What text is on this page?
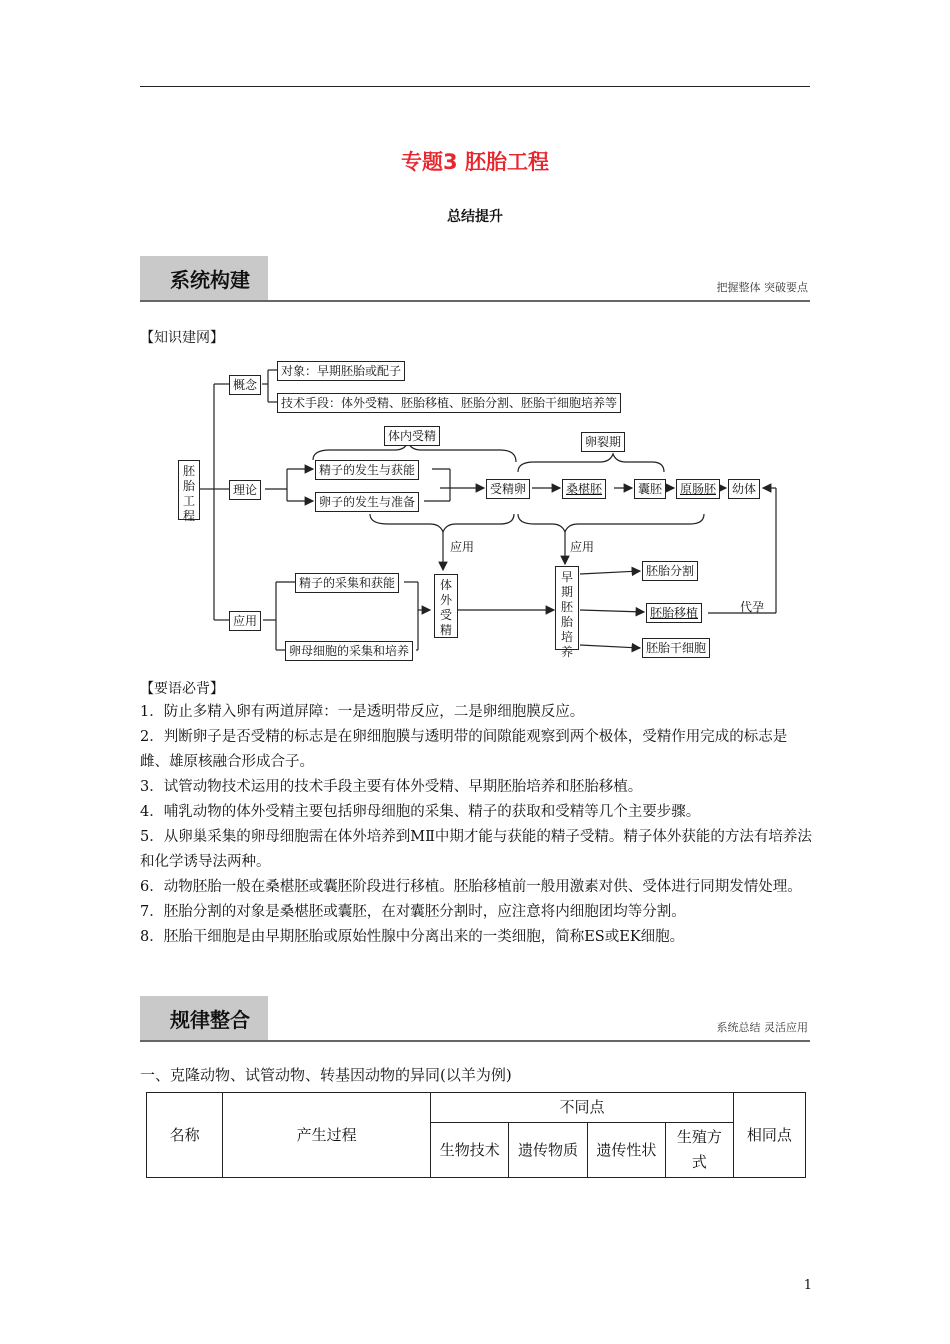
专题3 胚胎工程
总结提升
系统构建	把握整体 突破要点
【知识建网】
胚胎工程
概念
理论
应用
对象：早期胚胎或配子
技术手段：体外受精、胚胎移植、胚胎分割、胚胎干细胞培养等
体内受精	卵裂期
精子的发生与获能
卵子的发生与准备
受精卵	桑椹胚	囊胚	原肠胚	幼体
应用	应用
精子的采集和获能
卵母细胞的采集和培养
体外受精
早期胚胎培养
胚胎分割
胚胎移植
胚胎干细胞
代孕
【要语必背】
1．防止多精入卵有两道屏障：一是透明带反应，二是卵细胞膜反应。
2．判断卵子是否受精的标志是在卵细胞膜与透明带的间隙能观察到两个极体，受精作用完成的标志是雌、雄原核融合形成合子。
3．试管动物技术运用的技术手段主要有体外受精、早期胚胎培养和胚胎移植。
4．哺乳动物的体外受精主要包括卵母细胞的采集、精子的获取和受精等几个主要步骤。
5．从卵巢采集的卵母细胞需在体外培养到MⅡ中期才能与获能的精子受精。精子体外获能的方法有培养法和化学诱导法两种。
6．动物胚胎一般在桑椹胚或囊胚阶段进行移植。胚胎移植前一般用激素对供、受体进行同期发情处理。
7．胚胎分割的对象是桑椹胚或囊胚，在对囊胚分割时，应注意将内细胞团均等分割。
8．胚胎干细胞是由早期胚胎或原始性腺中分离出来的一类细胞，简称ES或EK细胞。
规律整合	系统总结 灵活应用
一、克隆动物、试管动物、转基因动物的异同(以羊为例)
名称	产生过程	不同点				相同点
		生物技术	遗传物质	遗传性状	生殖方式	
1
